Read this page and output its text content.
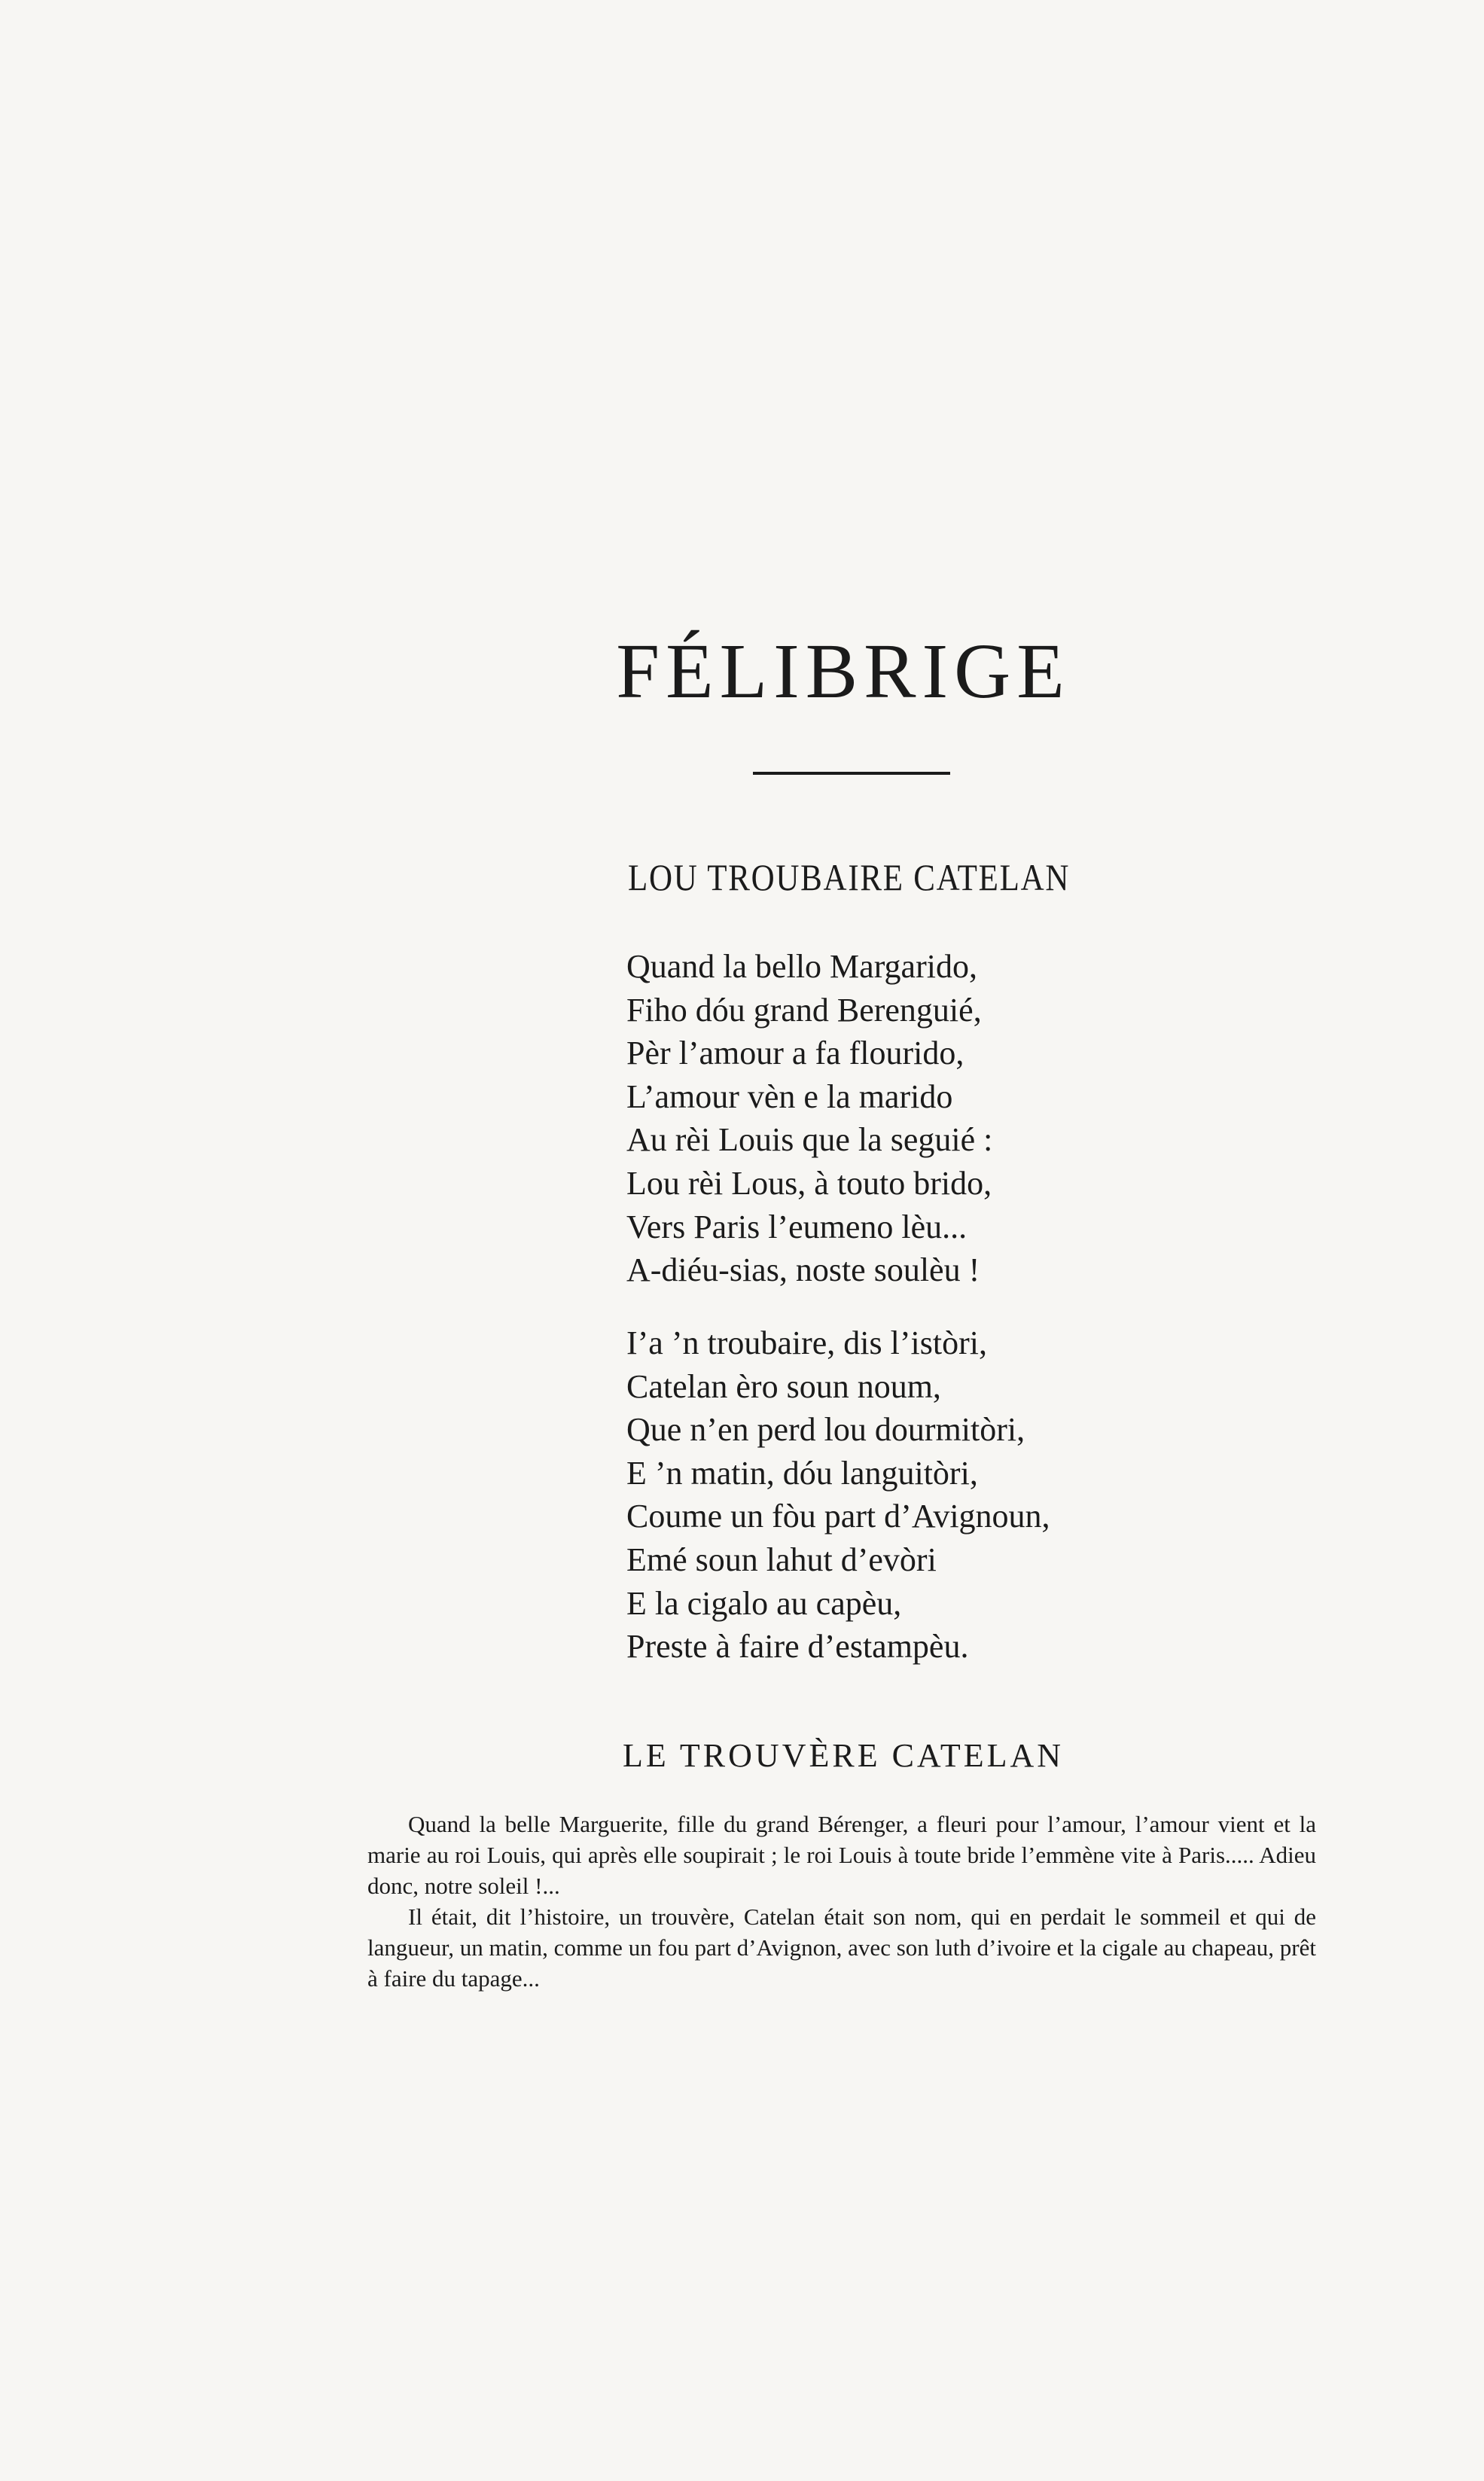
FÉLIBRIGE
LOU TROUBAIRE CATELAN
Quand la bello Margarido,
Fiho dóu grand Berenguié,
Pèr l’amour a fa flourido,
L’amour vèn e la marido
Au rèi Louis que la seguié :
Lou rèi Lous, à touto brido,
Vers Paris l’eumeno lèu...
A-diéu-sias, noste soulèu !
I’a ’n troubaire, dis l’istòri,
Catelan èro soun noum,
Que n’en perd lou dourmitòri,
E ’n matin, dóu languitòri,
Coume un fòu part d’Avignoun,
Emé soun lahut d’evòri
E la cigalo au capèu,
Preste à faire d’estampèu.
LE TROUVÈRE CATELAN

Quand la belle Marguerite, fille du grand Bérenger, a fleuri pour l’amour, l’amour vient et la marie au roi Louis, qui après elle soupirait ; le roi Louis à toute bride l’emmène vite à Paris..... Adieu donc, notre soleil !...

Il était, dit l’histoire, un trouvère, Catelan était son nom, qui en perdait le sommeil et qui de langueur, un matin, comme un fou part d’Avignon, avec son luth d’ivoire et la cigale au chapeau, prêt à faire du tapage...
